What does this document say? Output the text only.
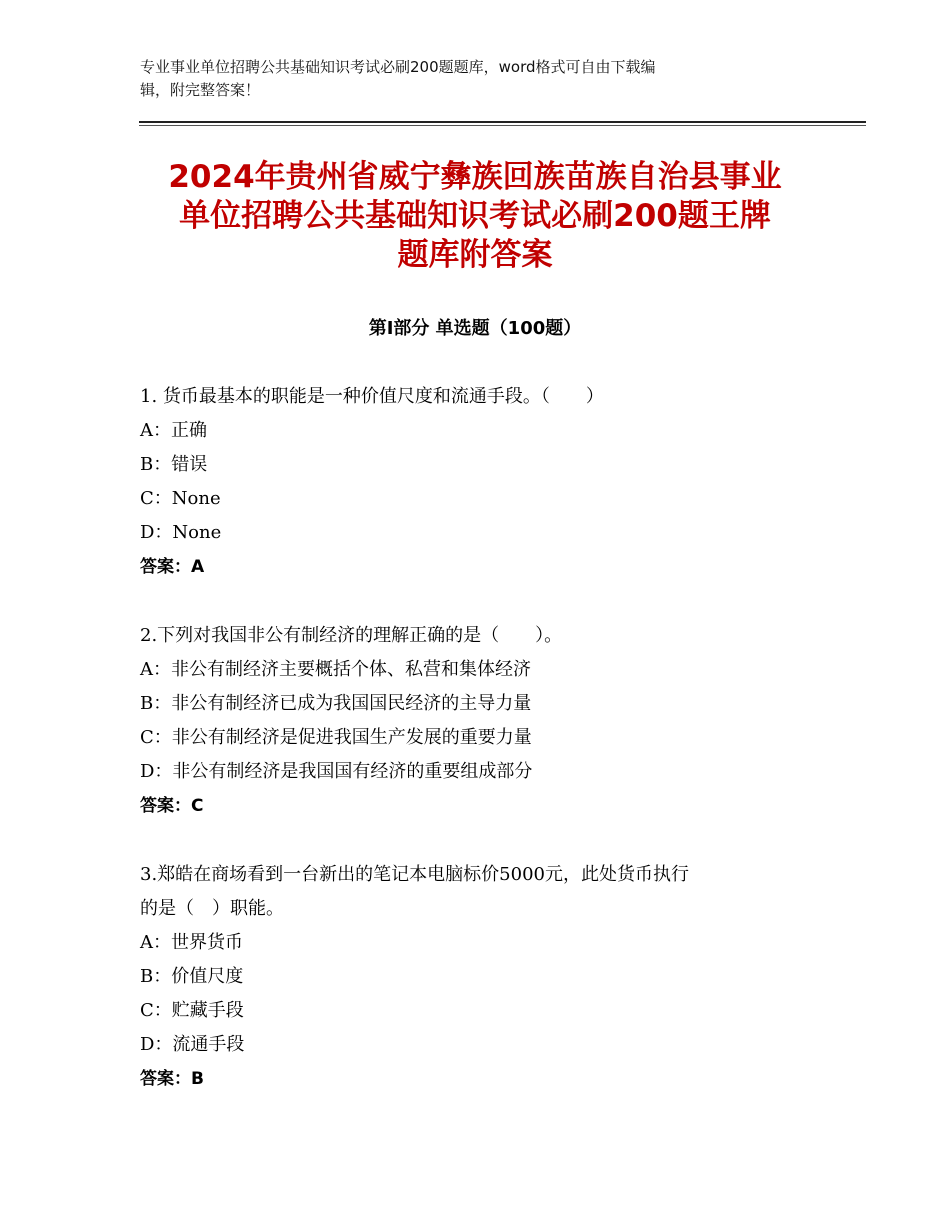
专业事业单位招聘公共基础知识考试必刷200题题库，word格式可自由下载编
辑，附完整答案！
2024年贵州省威宁彝族回族苗族自治县事业
单位招聘公共基础知识考试必刷200题王牌
题库附答案
第Ⅰ部分 单选题（100题）

1. 货币最基本的职能是一种价值尺度和流通手段。（　　）

A：正确

B：错误

C：None

D：None

答案：A

2.下列对我国非公有制经济的理解正确的是（　　）。

A：非公有制经济主要概括个体、私营和集体经济

B：非公有制经济已成为我国国民经济的主导力量

C：非公有制经济是促进我国生产发展的重要力量

D：非公有制经济是我国国有经济的重要组成部分

答案：C

3.郑皓在商场看到一台新出的笔记本电脑标价5000元，此处货币执行

的是（　）职能。

A：世界货币

B：价值尺度

C：贮藏手段

D：流通手段

答案：B
